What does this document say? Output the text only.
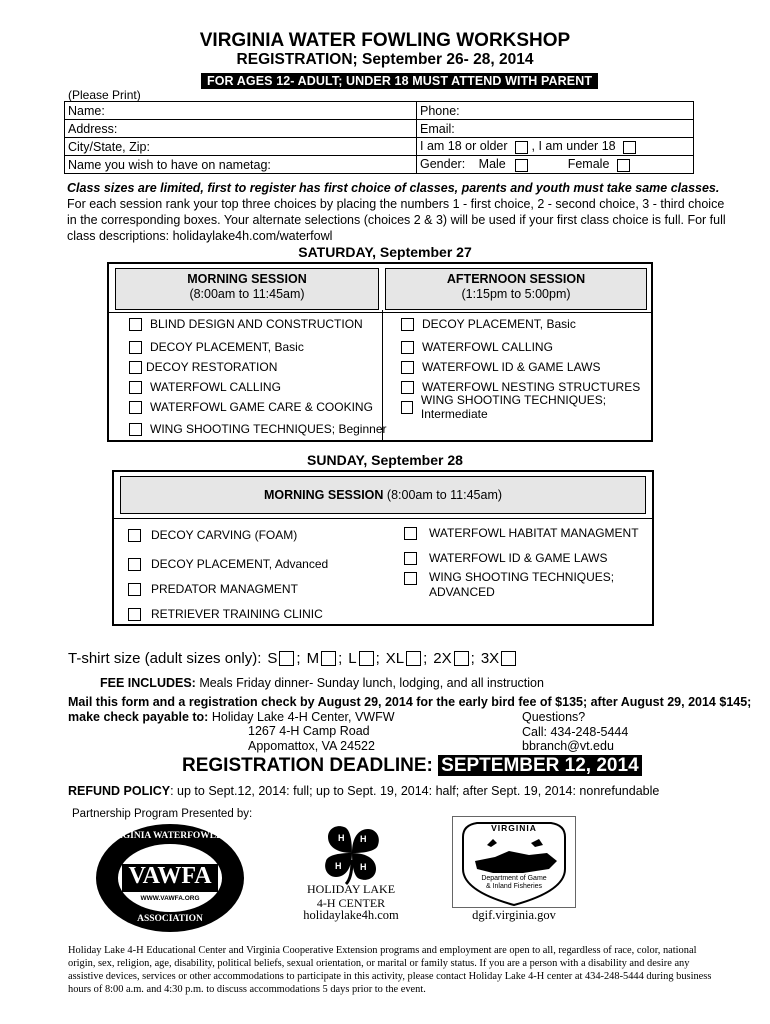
VIRGINIA WATER FOWLING WORKSHOP
REGISTRATION; September 26- 28, 2014
FOR AGES 12- ADULT; UNDER 18 MUST ATTEND WITH PARENT
(Please Print)
Name:	Phone:
Address:	Email:
City/State, Zip:	I am 18 or older , I am under 18
Name you wish to have on nametag:	Gender: Male Female
Class sizes are limited, first to register has first choice of classes, parents and youth must take same classes. For each session rank your top three choices by placing the numbers 1 - first choice, 2 - second choice, 3 - third choice in the corresponding boxes. Your alternate selections (choices 2 & 3) will be used if your first class choice is full. For full class descriptions: holidaylake4h.com/waterfowl
SATURDAY, September 27
MORNING SESSION
(8:00am to 11:45am)
AFTERNOON SESSION
(1:15pm to 5:00pm)
BLIND DESIGN AND CONSTRUCTION
DECOY PLACEMENT, Basic
DECOY RESTORATION
WATERFOWL CALLING
WATERFOWL GAME CARE & COOKING
WING SHOOTING TECHNIQUES; Beginner
DECOY PLACEMENT, Basic
WATERFOWL CALLING
WATERFOWL ID & GAME LAWS
WATERFOWL NESTING STRUCTURES
WING SHOOTING TECHNIQUES; Intermediate
SUNDAY, September 28
MORNING SESSION (8:00am to 11:45am)
DECOY CARVING (FOAM)
DECOY PLACEMENT, Advanced
PREDATOR MANAGMENT
RETRIEVER TRAINING CLINIC
WATERFOWL HABITAT MANAGMENT
WATERFOWL ID & GAME LAWS
WING SHOOTING TECHNIQUES;
ADVANCED
T-shirt size (adult sizes only): S ; M ; L ; XL ; 2X ; 3X
FEE INCLUDES: Meals Friday dinner- Sunday lunch, lodging, and all instruction
Mail this form and a registration check by August 29, 2014 for the early bird fee of $135; after August 29, 2014 $145;
make check payable to: Holiday Lake 4-H Center, VWFW
1267 4-H Camp Road
Appomattox, VA 24522
Questions?
Call: 434-248-5444
bbranch@vt.edu
REGISTRATION DEADLINE: SEPTEMBER 12, 2014
REFUND POLICY: up to Sept.12, 2014: full; up to Sept. 19, 2014: half; after Sept. 19, 2014: nonrefundable
Partnership Program Presented by:
VIRGINIA WATERFOWLERS
VAWFA
WWW.VAWFA.ORG
ASSOCIATION
H H
H
H
HOLIDAY LAKE
4-H CENTER
holidaylake4h.com
VIRGINIA
Department of Game
& Inland Fisheries
dgif.virginia.gov
Holiday Lake 4-H Educational Center and Virginia Cooperative Extension programs and employment are open to all, regardless of race, color, national origin, sex, religion, age, disability, political beliefs, sexual orientation, or marital or family status. If you are a person with a disability and desire any assistive devices, services or other accommodations to participate in this activity, please contact Holiday Lake 4-H center at 434-248-5444 during business hours of 8:00 a.m. and 4:30 p.m. to discuss accommodations 5 days prior to the event.
